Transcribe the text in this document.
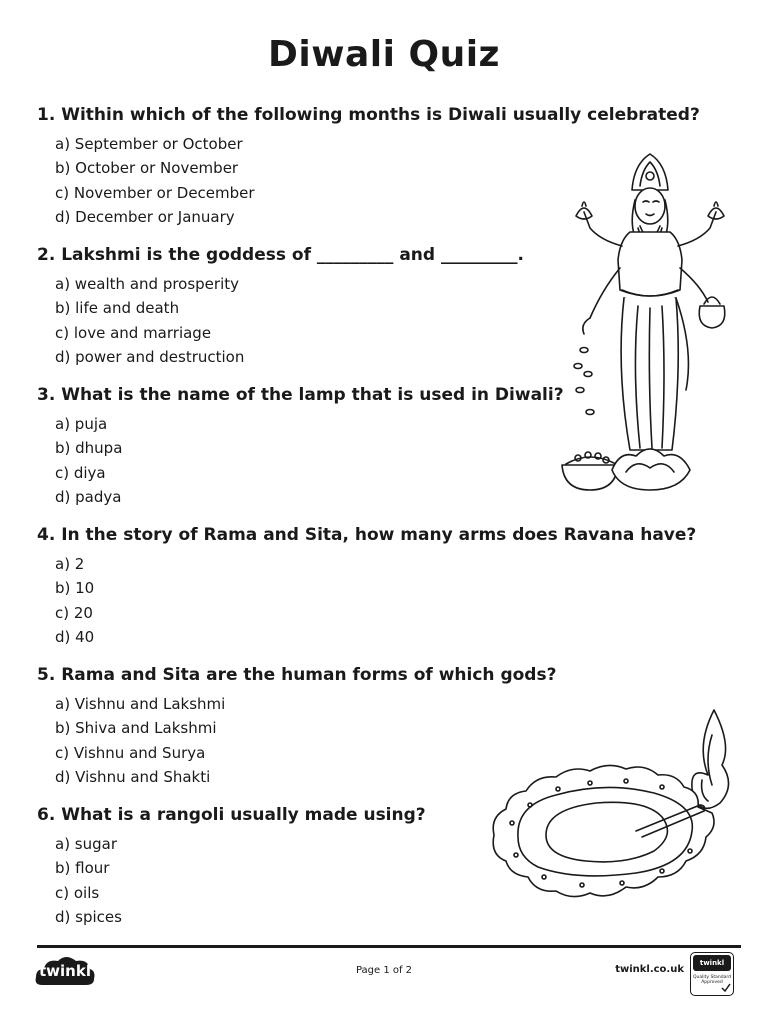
Diwali Quiz
1. Within which of the following months is Diwali usually celebrated?
a) September or October
b) October or November
c) November or December
d) December or January
2. Lakshmi is the goddess of _________ and _________.
a) wealth and prosperity
b) life and death
c) love and marriage
d) power and destruction
3. What is the name of the lamp that is used in Diwali?
a) puja
b) dhupa
c) diya
d) padya
4. In the story of Rama and Sita, how many arms does Ravana have?
a) 2
b) 10
c) 20
d) 40
5. Rama and Sita are the human forms of which gods?
a) Vishnu and Lakshmi
b) Shiva and Lakshmi
c) Vishnu and Surya
d) Vishnu and Shakti
6. What is a rangoli usually made using?
a) sugar
b) flour
c) oils
d) spices
twinkl	Page 1 of 2	twinkl.co.uk
twinkl
Quality Standard Approved
